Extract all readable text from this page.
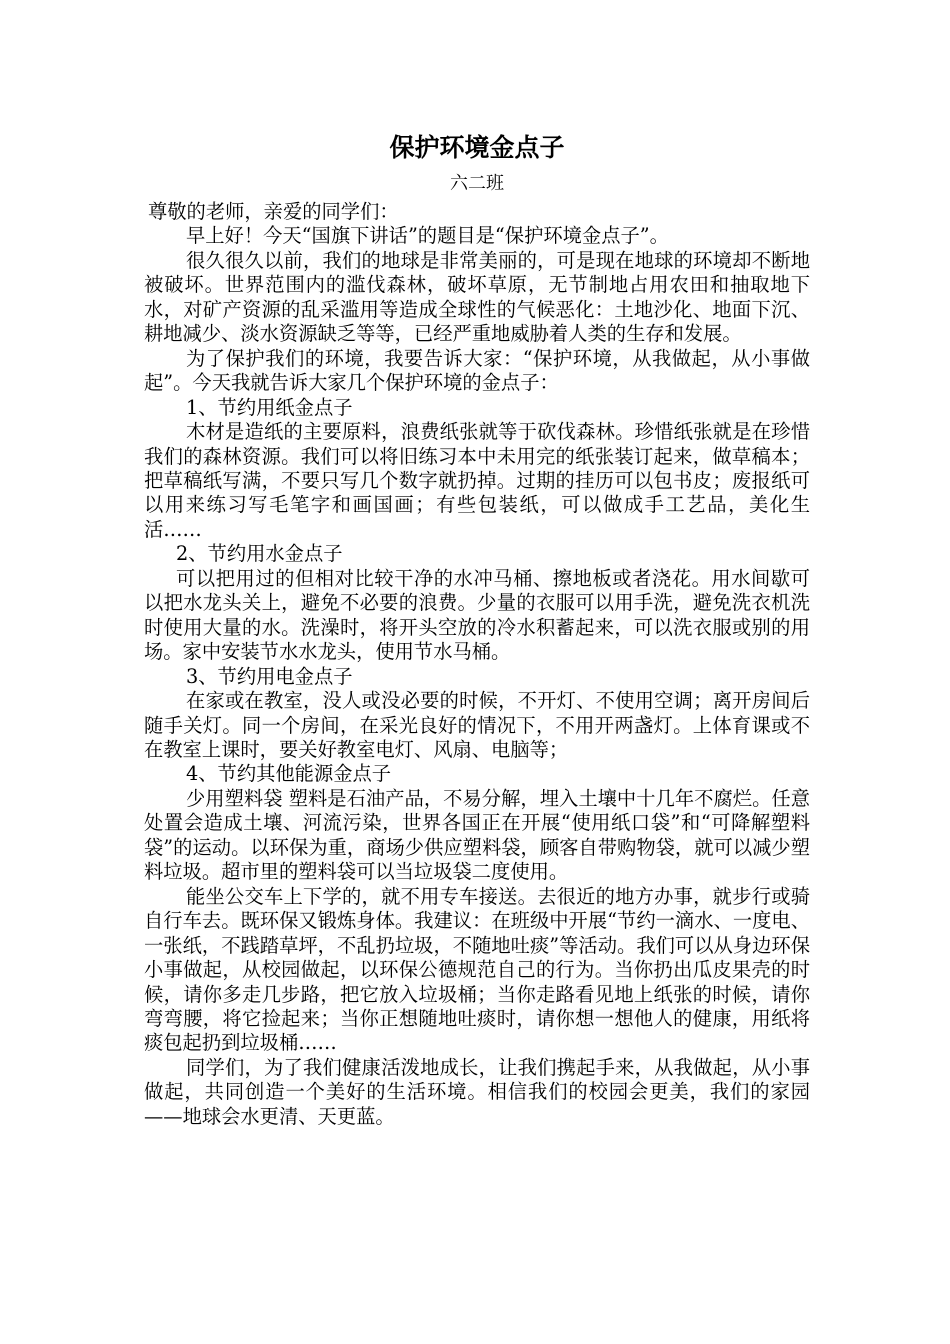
保护环境金点子
六二班

尊敬的老师，亲爱的同学们：

早上好！今天“国旗下讲话”的题目是“保护环境金点子”。

很久很久以前，我们的地球是非常美丽的，可是现在地球的环境却不断地被破坏。世界范围内的滥伐森林，破坏草原，无节制地占用农田和抽取地下水，对矿产资源的乱采滥用等造成全球性的气候恶化：土地沙化、地面下沉、耕地减少、淡水资源缺乏等等，已经严重地威胁着人类的生存和发展。

为了保护我们的环境，我要告诉大家：“保护环境，从我做起，从小事做起”。今天我就告诉大家几个保护环境的金点子：

1、节约用纸金点子

木材是造纸的主要原料，浪费纸张就等于砍伐森林。珍惜纸张就是在珍惜我们的森林资源。我们可以将旧练习本中未用完的纸张装订起来，做草稿本；把草稿纸写满，不要只写几个数字就扔掉。过期的挂历可以包书皮；废报纸可以用来练习写毛笔字和画国画；有些包装纸，可以做成手工艺品，美化生活……

2、节约用水金点子

可以把用过的但相对比较干净的水冲马桶、擦地板或者浇花。用水间歇可以把水龙头关上，避免不必要的浪费。少量的衣服可以用手洗，避免洗衣机洗时使用大量的水。洗澡时，将开头空放的冷水积蓄起来，可以洗衣服或别的用场。家中安装节水水龙头，使用节水马桶。

3、节约用电金点子

在家或在教室，没人或没必要的时候，不开灯、不使用空调；离开房间后随手关灯。同一个房间，在采光良好的情况下，不用开两盏灯。上体育课或不在教室上课时，要关好教室电灯、风扇、电脑等；

4、节约其他能源金点子

少用塑料袋 塑料是石油产品，不易分解，埋入土壤中十几年不腐烂。任意处置会造成土壤、河流污染，世界各国正在开展“使用纸口袋”和“可降解塑料袋”的运动。以环保为重，商场少供应塑料袋，顾客自带购物袋，就可以减少塑料垃圾。超市里的塑料袋可以当垃圾袋二度使用。

能坐公交车上下学的，就不用专车接送。去很近的地方办事，就步行或骑自行车去。既环保又锻炼身体。我建议：在班级中开展“节约一滴水、一度电、一张纸，不践踏草坪，不乱扔垃圾，不随地吐痰”等活动。我们可以从身边环保小事做起，从校园做起，以环保公德规范自己的行为。当你扔出瓜皮果壳的时候，请你多走几步路，把它放入垃圾桶；当你走路看见地上纸张的时候，请你弯弯腰，将它捡起来；当你正想随地吐痰时，请你想一想他人的健康，用纸将痰包起扔到垃圾桶……

同学们，为了我们健康活泼地成长，让我们携起手来，从我做起，从小事做起，共同创造一个美好的生活环境。相信我们的校园会更美，我们的家园——地球会水更清、天更蓝。
